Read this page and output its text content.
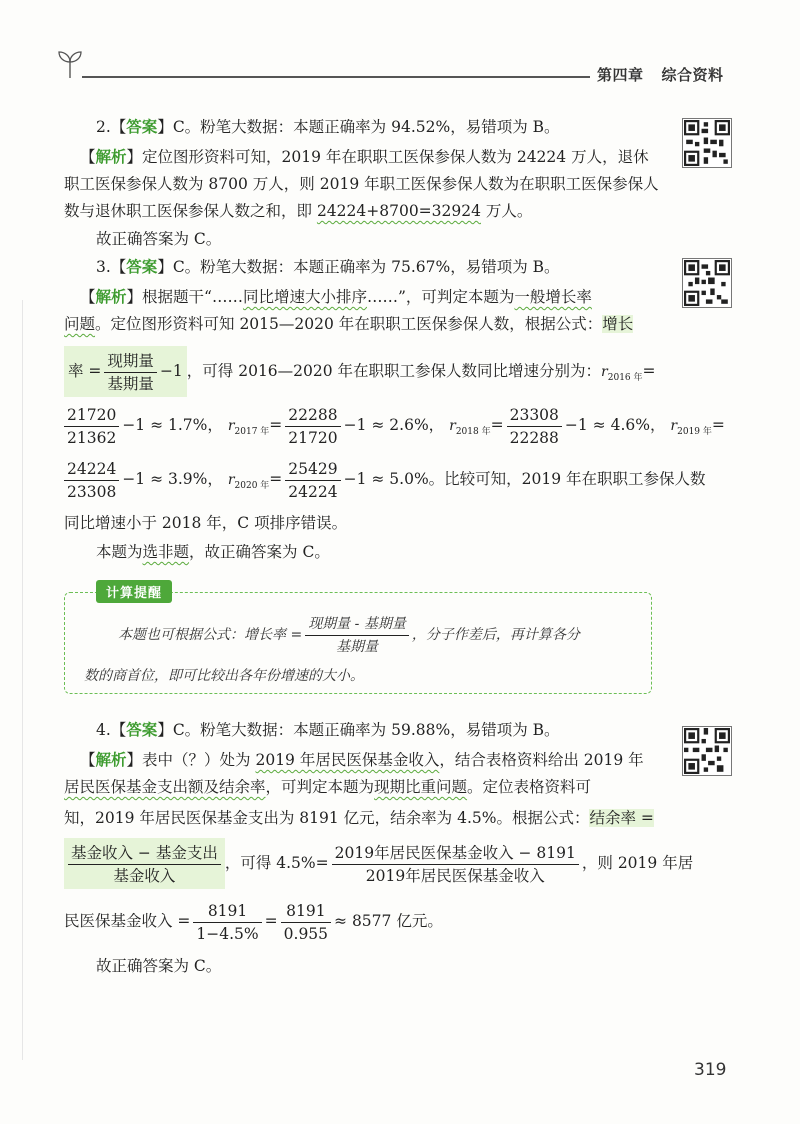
第四章 综合资料
2.【答案】C。粉笔大数据：本题正确率为 94.52%，易错项为 B。
【解析】定位图形资料可知，2019 年在职职工医保参保人数为 24224 万人，退休
职工医保参保人数为 8700 万人，则 2019 年职工医保参保人数为在职职工医保参保人
数与退休职工医保参保人数之和，即 24224+8700=32924 万人。
故正确答案为 C。
3.【答案】C。粉笔大数据：本题正确率为 75.67%，易错项为 B。
【解析】根据题干“……同比增速大小排序……”，可判定本题为一般增长率
问题。定位图形资料可知 2015—2020 年在职职工医保参保人数，根据公式：增长
率 = $\frac{\text{现期量}}{\text{基期量}} -1$ ，可得 2016—2020 年在职职工参保人数同比增速分别为：$r_{2016 年}=$
$\frac{21720}{21362} -1 \approx 1.7\%$， $r_{2017 年}= \frac{22288}{21720} -1 \approx 2.6\%$， $r_{2018 年}= \frac{23308}{22288} -1 \approx 4.6\%$， $r_{2019 年}=$
$\frac{24224}{23308} -1 \approx 3.9\%$， $r_{2020 年}= \frac{25429}{24224} -1 \approx 5.0\%$。比较可知，2019 年在职职工参保人数
同比增速小于 2018 年，C 项排序错误。
本题为选非题，故正确答案为 C。
计算提醒
本题也可根据公式：增长率 = $\frac{\text{现期量 - 基期量}}{\text{基期量}}$ ，分子作差后，再计算各分
数的商首位，即可比较出各年份增速的大小。
4.【答案】C。粉笔大数据：本题正确率为 59.88%，易错项为 B。
【解析】表中（？）处为 2019 年居民医保基金收入，结合表格资料给出 2019 年
居民医保基金支出额及结余率，可判定本题为现期比重问题。定位表格资料可
知，2019 年居民医保基金支出为 8191 亿元，结余率为 4.5%。根据公式：结余率 =
$\frac{\text{基金收入 − 基金支出}}{\text{基金收入}}$ ，可得 $4.5\%= \frac{\text{2019年居民医保基金收入 − 8191}}{\text{2019年居民医保基金收入}}$ ，则 2019 年居
民医保基金收入 = $\frac{8191}{1-4.5\%} = \frac{8191}{0.955} \approx 8577$ 亿元。
故正确答案为 C。
319
